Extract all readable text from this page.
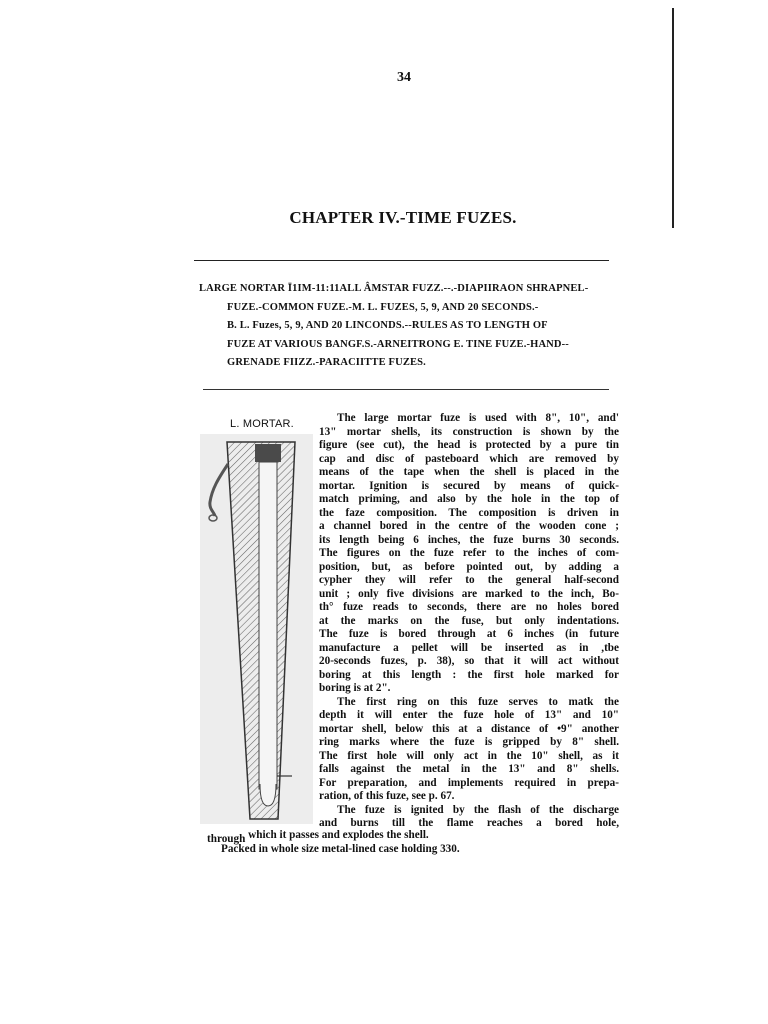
34
CHAPTER IV.-TIME FUZES.
LARGE NORTAR Ī1IM-11:11ALL ÂMSTAR FUZZ.--.-DIAPIIRAON SHRAPNEL-
FUZE.-COMMON FUZE.-M. L. FUZES, 5, 9, AND 20 SECONDS.-
B. L. Fuzes, 5, 9, AND 20 LINCONDS.--RULES AS TO LENGTH OF
FUZE AT VARIOUS BANGF.S.-ARNEITRONG E. TINE FUZE.-HAND--
GRENADE FIIZZ.-PARACIITTE FUZES.
L. MORTAR.	The large mortar fuze is used with 8", 10", and'
13" mortar shells, its construction is shown by the
figure (see cut), the head is protected by a pure tin
cap and disc of pasteboard which are removed by
means of the tape when the shell is placed in the
mortar. Ignition is secured by means of quick-
match priming, and also by the hole in the top of
the faze composition. The composition is driven in
a channel bored in the centre of the wooden cone ;
its length being 6 inches, the fuze burns 30 seconds.
The figures on the fuze refer to the inches of com-
position, but, as before pointed out, by adding a
cypher they will refer to the general half-second
unit ; only five divisions are marked to the inch, Bo-
th° fuze reads to seconds, there are no holes bored
at the marks on the fuse, but only indentations.
The fuze is bored through at 6 inches (in future
manufacture a pellet will be inserted as in ,tbe
20-seconds fuzes, p. 38), so that it will act without
boring at this length : the first hole marked for
boring is at 2".
The first ring on this fuze serves to matk the
depth it will enter the fuze hole of 13" and 10"
mortar shell, below this at a distance of •9" another
ring marks where the fuze is gripped by 8" shell.
The first hole will only act in the 10" shell, as it
falls against the metal in the 13" and 8" shells.
For preparation, and implements required in prepa-
ration, of this fuze, see p. 67.
The fuze is ignited by the flash of the discharge
and burns till the flame reaches a bored hole,
through which it passes and explodes the shell.
Packed in whole size metal-lined case holding 330.
